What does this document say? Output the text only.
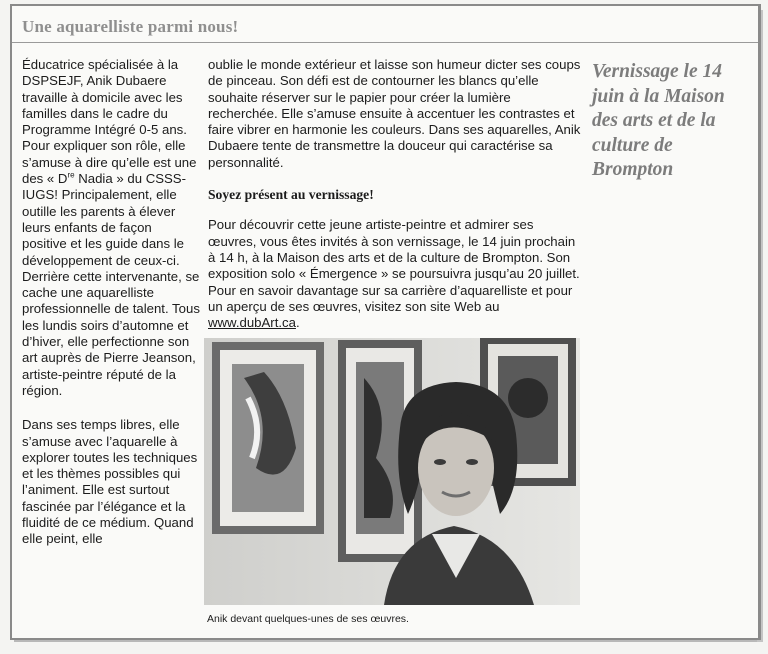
Une aquarelliste parmi nous!

Éducatrice spécialisée à la DSPSEJF, Anik Dubaere travaille à domicile avec les familles dans le cadre du Programme Intégré 0-5 ans. Pour expliquer son rôle, elle s’amuse à dire qu’elle est une des « Dre Nadia » du CSSS-IUGS! Principalement, elle outille les parents à élever leurs enfants de façon positive et les guide dans le développement de ceux-ci. Derrière cette intervenante, se cache une aquarelliste professionnelle de talent. Tous les lundis soirs d’automne et d’hiver, elle perfectionne son art auprès de Pierre Jeanson, artiste-peintre réputé de la région.

Dans ses temps libres, elle s’amuse avec l’aquarelle à explorer toutes les techniques et les thèmes possibles qui l’animent. Elle est surtout fascinée par l’élégance et la fluidité de ce médium. Quand elle peint, elle

oublie le monde extérieur et laisse son humeur dicter ses coups de pinceau. Son défi est de contourner les blancs qu’elle souhaite réserver sur le papier pour créer la lumière recherchée. Elle s’amuse ensuite à accentuer les contrastes et faire vibrer en harmonie les couleurs. Dans ses aquarelles, Anik Dubaere tente de transmettre la douceur qui caractérise sa personnalité.

Soyez présent au vernissage!

Pour découvrir cette jeune artiste-peintre et admirer ses œuvres, vous êtes invités à son vernissage, le 14 juin prochain à 14 h, à la Maison des arts et de la culture de Brompton. Son exposition solo « Émergence » se poursuivra jusqu’au 20 juillet. Pour en savoir davantage sur sa carrière d’aquarelliste et pour un aperçu de ses œuvres, visitez son site Web au www.dubArt.ca.

Vernissage le 14 juin à la Maison des arts et de la culture de Brompton
Anik devant quelques-unes de ses œuvres.
